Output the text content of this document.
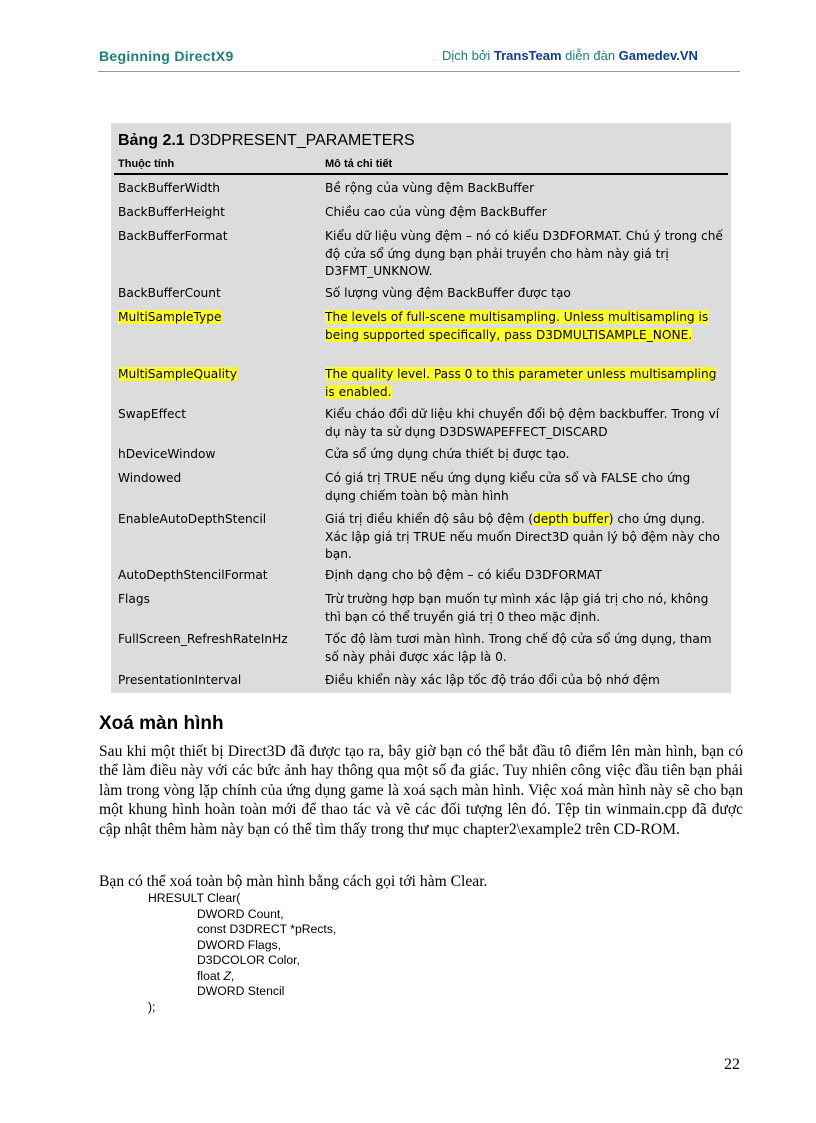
Beginning DirectX9	Dịch bởi TransTeam diễn đàn Gamedev.VN
Bảng 2.1 D3DPRESENT_PARAMETERS
Thuộc tính	Mô tả chi tiết
BackBufferWidth	Bề rộng của vùng đệm BackBuffer
BackBufferHeight	Chiều cao của vùng đệm BackBuffer
BackBufferFormat	Kiểu dữ liệu vùng đệm – nó có kiểu D3DFORMAT. Chú ý trong chế độ cửa sổ ứng dụng bạn phải truyền cho hàm này giá trị D3FMT_UNKNOW.
BackBufferCount	Số lượng vùng đệm BackBuffer được tạo
MultiSampleType	The levels of full-scene multisampling. Unless multisampling is being supported specifically, pass D3DMULTISAMPLE_NONE.
MultiSampleQuality	The quality level. Pass 0 to this parameter unless multisampling is enabled.
SwapEffect	Kiểu cháo đổi dữ liệu khi chuyển đổi bộ đệm backbuffer. Trong ví dụ này ta sử dụng D3DSWAPEFFECT_DISCARD
hDeviceWindow	Cửa sổ ứng dụng chứa thiết bị được tạo.
Windowed	Có giá trị TRUE nếu ứng dụng kiểu cửa sổ và FALSE cho ứng dụng chiếm toàn bộ màn hình
EnableAutoDepthStencil	Giá trị điều khiển độ sâu bộ đệm (depth buffer) cho ứng dụng. Xác lập giá trị TRUE nếu muốn Direct3D quản lý bộ đệm này cho bạn.
AutoDepthStencilFormat	Định dạng cho bộ đệm – có kiểu D3DFORMAT
Flags	Trừ trường hợp bạn muốn tự mình xác lập giá trị cho nó, không thì bạn có thể truyền giá trị 0 theo mặc định.
FullScreen_RefreshRateInHz	Tốc độ làm tươi màn hình. Trong chế độ cửa sổ ứng dụng, tham số này phải được xác lập là 0.
PresentationInterval	Điều khiển này xác lập tốc độ tráo đổi của bộ nhớ đệm
Xoá màn hình
Sau khi một thiết bị Direct3D đã được tạo ra, bây giờ bạn có thể bắt đầu tô điểm lên màn hình, bạn có thể làm điều này với các bức ảnh hay thông qua một số đa giác. Tuy nhiên công việc đầu tiên bạn phải làm trong vòng lặp chính của ứng dụng game là xoá sạch màn hình. Việc xoá màn hình này sẽ cho bạn một khung hình hoàn toàn mới để thao tác và vẽ các đối tượng lên đó. Tệp tin winmain.cpp đã được cập nhật thêm hàm này bạn có thể tìm thấy trong thư mục chapter2\example2 trên CD-ROM.
Bạn có thể xoá toàn bộ màn hình bằng cách gọi tới hàm Clear.
HRESULT Clear(
DWORD Count,
const D3DRECT *pRects,
DWORD Flags,
D3DCOLOR Color,
float Z,
DWORD Stencil
);
22
